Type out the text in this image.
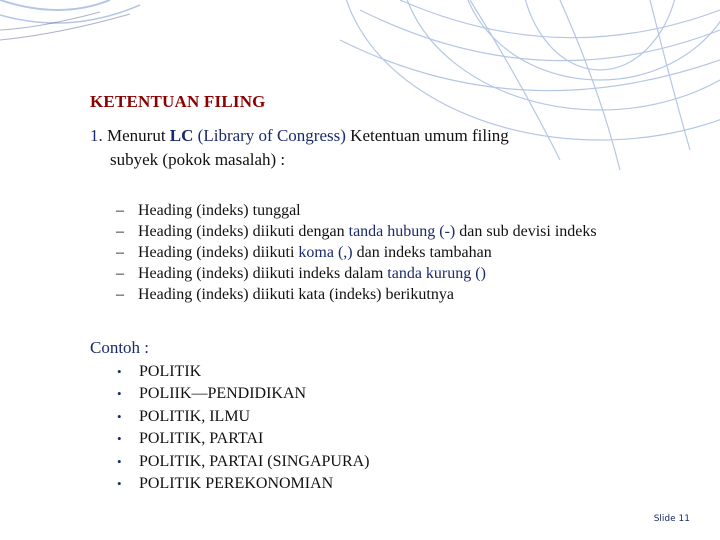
KETENTUAN FILING
1. Menurut LC (Library of Congress) Ketentuan umum filing
subyek (pokok masalah) :
– Heading (indeks) tunggal
– Heading (indeks) diikuti dengan tanda hubung (-) dan sub devisi indeks
– Heading (indeks) diikuti koma (,) dan indeks tambahan
– Heading (indeks) diikuti indeks dalam tanda kurung ()
– Heading (indeks) diikuti kata (indeks) berikutnya
Contoh :
• POLITIK
• POLIIK—PENDIDIKAN
• POLITIK, ILMU
• POLITIK, PARTAI
• POLITIK, PARTAI (SINGAPURA)
• POLITIK PEREKONOMIAN
Slide 11
